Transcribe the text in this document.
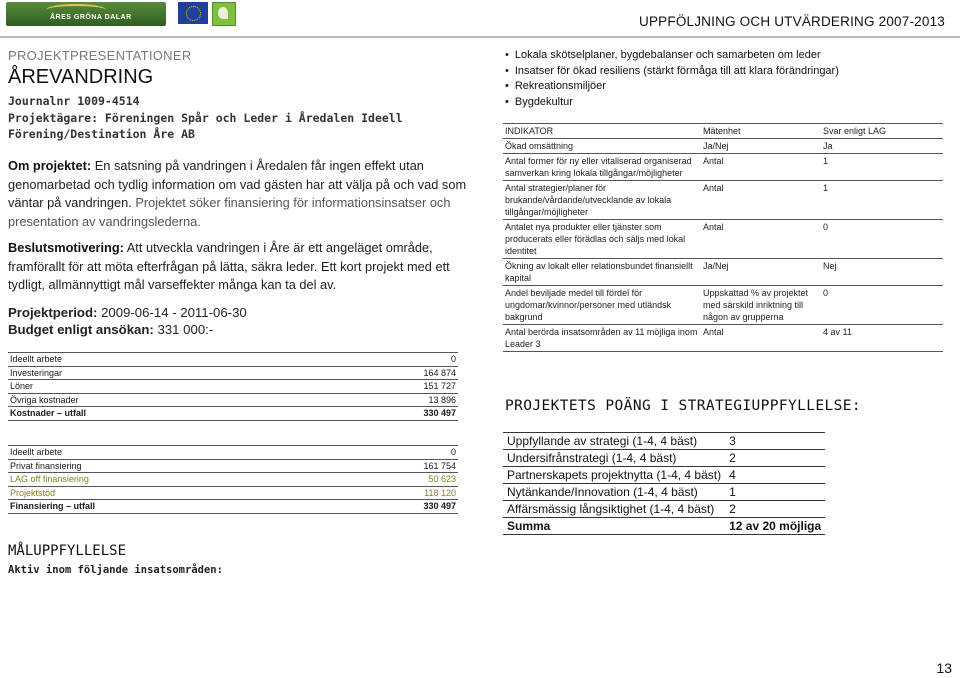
ÅRES GRÖNA DALAR	UPPFÖLJNING OCH UTVÄRDERING 2007-2013
PROJEKTPRESENTATIONER
ÅREVANDRING
Journalnr 1009-4514
Projektägare: Föreningen Spår och Leder i Åredalen Ideell
Förening/Destination Åre AB
Om projektet: En satsning på vandringen i Åredalen får ingen effekt utan genomarbetad och tydlig information om vad gästen har att välja på och vad som väntar på vandringen. Projektet söker finansiering för informationsinsatser och presentation av vandringslederna.
Beslutsmotivering: Att utveckla vandringen i Åre är ett angeläget område, framförallt för att möta efterfrågan på lätta, säkra leder. Ett kort projekt med ett tydligt, allmännyttigt mål varseffekter många kan ta del av.
Projektperiod: 2009-06-14 - 2011-06-30
Budget enligt ansökan: 331 000:-
Ideellt arbete	0
Investeringar	164 874
Löner	151 727
Övriga kostnader	13 896
Kostnader – utfall	330 497
Ideellt arbete	0
Privat finansiering	161 754
LAG off finansiering	50 623
Projektstöd	118 120
Finansiering – utfall	330 497
MÅLUPPFYLLELSE
Aktiv inom följande insatsområden:
• Lokala skötselplaner, bygdebalanser och samarbeten om leder
• Insatser för ökad resiliens (stärkt förmåga till att klara förändringar)
• Rekreationsmiljöer
• Bygdekultur
INDIKATOR	Mätenhet	Svar enligt LAG
Ökad omsättning	Ja/Nej	Ja
Antal former för ny eller vitaliserad organiserad samverkan kring lokala tillgångar/möjligheter	Antal	1
Antal strategier/planer för brukande/vårdande/utvecklande av lokala tillgångar/möjligheter	Antal	1
Antalet nya produkter eller tjänster som producerats eller förädlas och säljs med lokal identitet	Antal	0
Ökning av lokalt eller relationsbundet finansiellt kapital	Ja/Nej	Nej
Andel beviljade medel till fördel för ungdomar/kvinnor/personer med utländsk bakgrund	Uppskattad % av projektet med särskild inriktning till någon av grupperna	0
Antal berörda insatsområden av 11 möjliga inom Leader 3	Antal	4 av 11
PROJEKTETS POÄNG I STRATEGIUPPFYLLELSE:
Uppfyllande av strategi (1-4, 4 bäst)	3
Undersifrånstrategi (1-4, 4 bäst)	2
Partnerskapets projektnytta (1-4, 4 bäst)	4
Nytänkande/Innovation (1-4, 4 bäst)	1
Affärsmässig långsiktighet (1-4, 4 bäst)	2
Summa	12 av 20 möjliga
13
